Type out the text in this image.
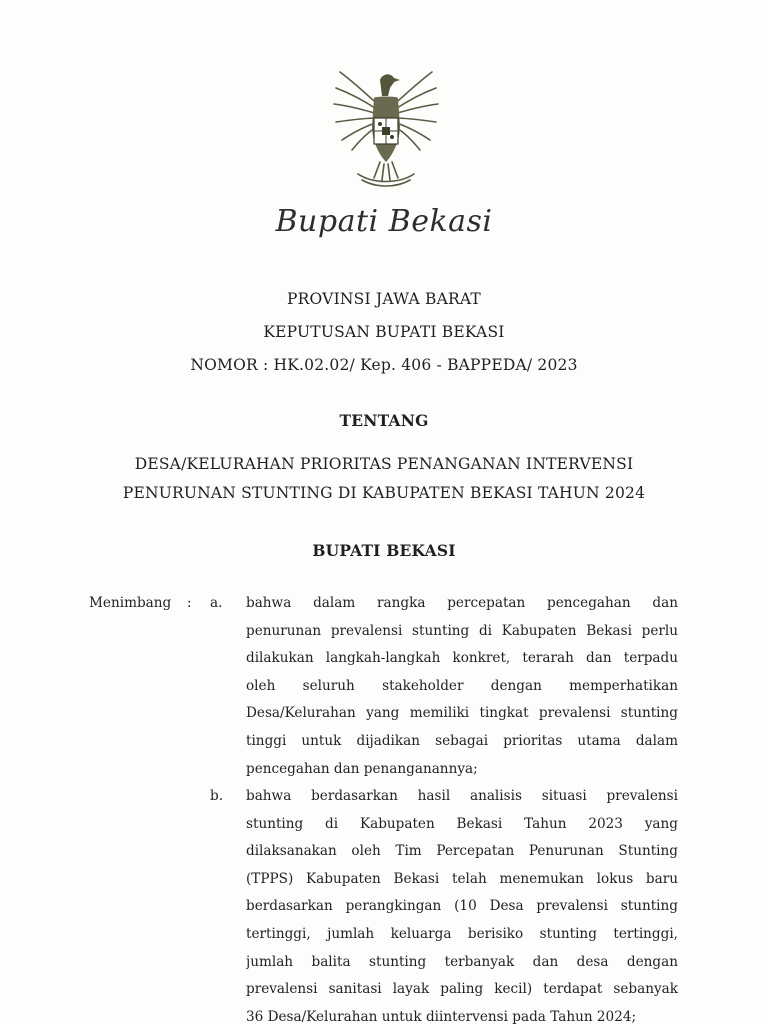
Bupati Bekasi
PROVINSI JAWA BARAT
KEPUTUSAN BUPATI BEKASI
NOMOR : HK.02.02/ Kep. 406 - BAPPEDA/ 2023
TENTANG
DESA/KELURAHAN PRIORITAS PENANGANAN INTERVENSI
PENURUNAN STUNTING DI KABUPATEN BEKASI TAHUN 2024
BUPATI BEKASI
Menimbang : a. bahwa dalam rangka percepatan pencegahan dan
penurunan prevalensi stunting di Kabupaten Bekasi perlu
dilakukan langkah-langkah konkret, terarah dan terpadu
oleh seluruh stakeholder dengan memperhatikan
Desa/Kelurahan yang memiliki tingkat prevalensi stunting
tinggi untuk dijadikan sebagai prioritas utama dalam
pencegahan dan penanganannya;
b. bahwa berdasarkan hasil analisis situasi prevalensi
stunting di Kabupaten Bekasi Tahun 2023 yang
dilaksanakan oleh Tim Percepatan Penurunan Stunting
(TPPS) Kabupaten Bekasi telah menemukan lokus baru
berdasarkan perangkingan (10 Desa prevalensi stunting
tertinggi, jumlah keluarga berisiko stunting tertinggi,
jumlah balita stunting terbanyak dan desa dengan
prevalensi sanitasi layak paling kecil) terdapat sebanyak
36 Desa/Kelurahan untuk diintervensi pada Tahun 2024;
